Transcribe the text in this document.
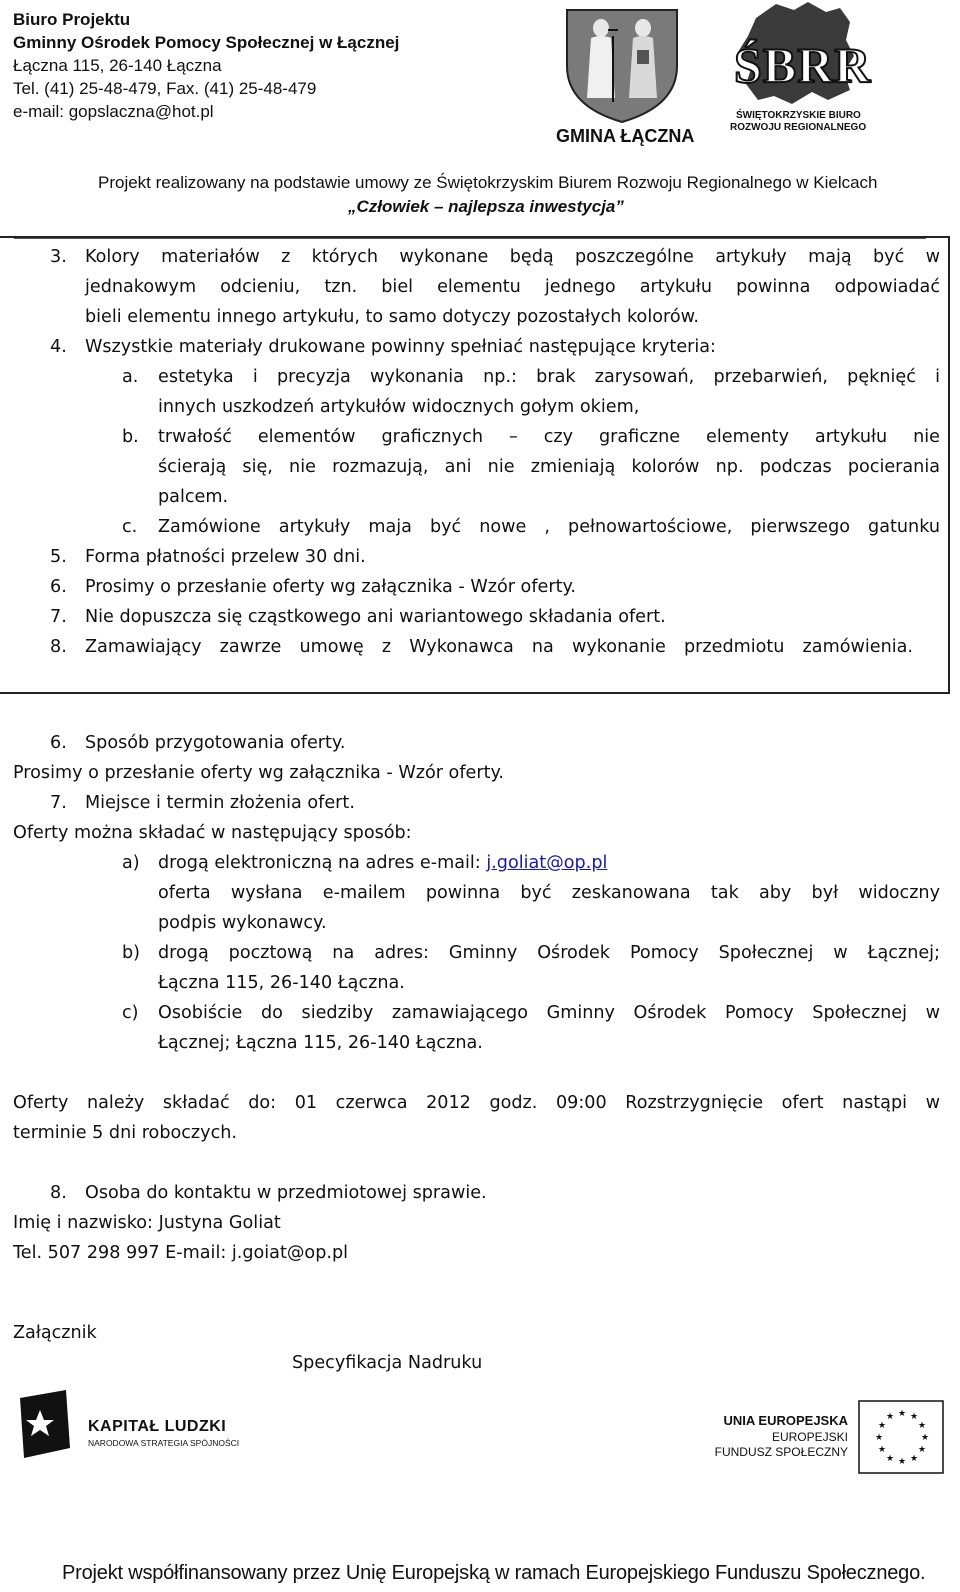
Biuro Projektu
Gminny Ośrodek Pomocy Społecznej w Łącznej
Łączna 115, 26-140 Łączna
Tel. (41) 25-48-479, Fax. (41) 25-48-479
e-mail: gopslaczna@hot.pl
GMINA ŁĄCZNA
ŚBRR
ŚWIĘTOKRZYSKIE BIURO
ROZWOJU REGIONALNEGO
Projekt realizowany na podstawie umowy ze Świętokrzyskim Biurem Rozwoju Regionalnego w Kielcach
„Człowiek – najlepsza inwestycja”
3. Kolory materiałów z których wykonane będą poszczególne artykuły mają być w
jednakowym odcieniu, tzn. biel elementu jednego artykułu powinna odpowiadać
bieli elementu innego artykułu, to samo dotyczy pozostałych kolorów.
4. Wszystkie materiały drukowane powinny spełniać następujące kryteria:
a. estetyka i precyzja wykonania np.: brak zarysowań, przebarwień, pęknięć i
innych uszkodzeń artykułów widocznych gołym okiem,
b. trwałość elementów graficznych – czy graficzne elementy artykułu nie
ścierają się, nie rozmazują, ani nie zmieniają kolorów np. podczas pocierania
palcem.
c. Zamówione artykuły maja być nowe , pełnowartościowe, pierwszego gatunku
5. Forma płatności przelew 30 dni.
6. Prosimy o przesłanie oferty wg załącznika - Wzór oferty.
7. Nie dopuszcza się cząstkowego ani wariantowego składania ofert.
8. Zamawiający zawrze umowę z Wykonawca na wykonanie przedmiotu zamówienia.
6. Sposób przygotowania oferty.
Prosimy o przesłanie oferty wg załącznika - Wzór oferty.
7. Miejsce i termin złożenia ofert.
Oferty można składać w następujący sposób:
a) drogą elektroniczną na adres e-mail: j.goliat@op.pl
oferta wysłana e-mailem powinna być zeskanowana tak aby był widoczny
podpis wykonawcy.
b) drogą pocztową na adres: Gminny Ośrodek Pomocy Społecznej w Łącznej;
Łączna 115, 26-140 Łączna.
c) Osobiście do siedziby zamawiającego Gminny Ośrodek Pomocy Społecznej w
Łącznej; Łączna 115, 26-140 Łączna.
Oferty należy składać do: 01 czerwca 2012 godz. 09:00 Rozstrzygnięcie ofert nastąpi w
terminie 5 dni roboczych.
8. Osoba do kontaktu w przedmiotowej sprawie.
Imię i nazwisko: Justyna Goliat
Tel. 507 298 997 E-mail: j.goiat@op.pl
Załącznik
Specyfikacja Nadruku
KAPITAŁ LUDZKI
NARODOWA STRATEGIA SPÓJNOŚCI
UNIA EUROPEJSKA
EUROPEJSKI
FUNDUSZ SPOŁECZNY
★ ★
★
★
★
★
★
★
★
★
★
★
Projekt współfinansowany przez Unię Europejską w ramach Europejskiego Funduszu Społecznego.
